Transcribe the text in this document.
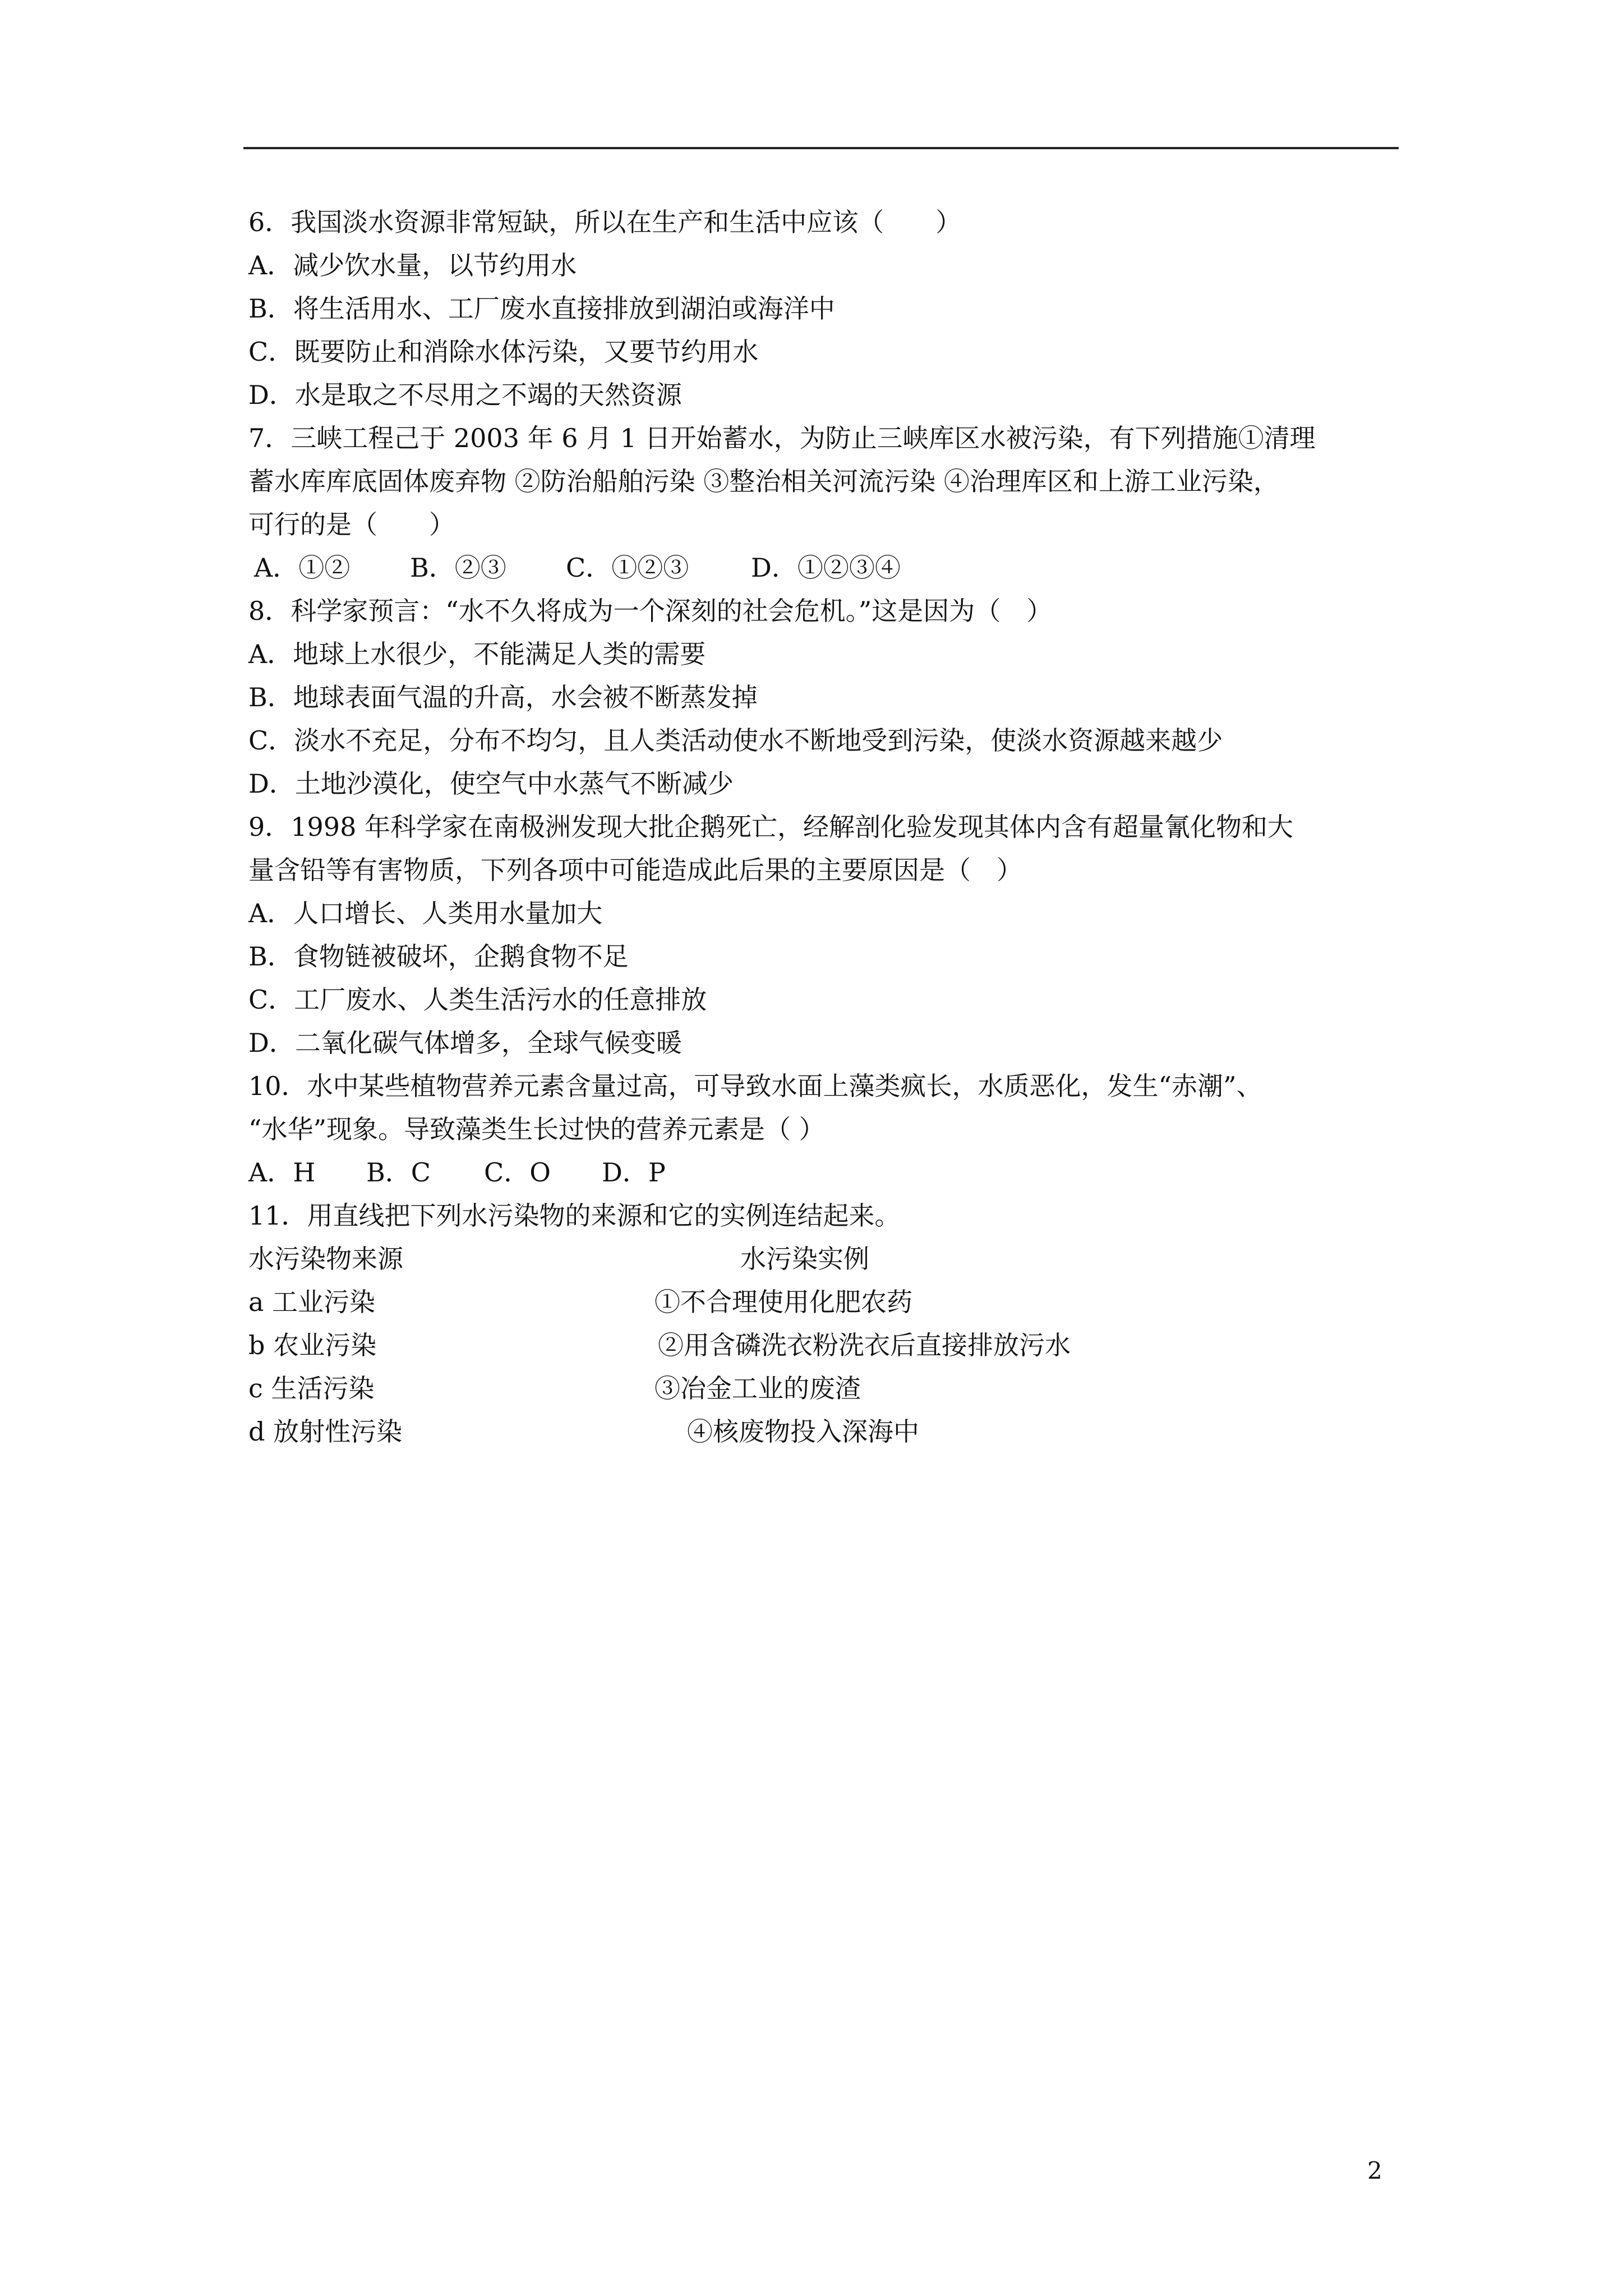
6．我国淡水资源非常短缺，所以在生产和生活中应该（　　）
A．减少饮水量，以节约用水
B．将生活用水、工厂废水直接排放到湖泊或海洋中
C．既要防止和消除水体污染，又要节约用水
D．水是取之不尽用之不竭的天然资源
7．三峡工程己于 2003 年 6 月 1 日开始蓄水，为防止三峡库区水被污染，有下列措施①清理
蓄水库库底固体废弃物 ②防治船舶污染 ③整治相关河流污染 ④治理库区和上游工业污染，
可行的是（　　）
A．①② B．②③ C．①②③ D．①②③④
8．科学家预言：“水不久将成为一个深刻的社会危机。”这是因为（　）
A．地球上水很少，不能满足人类的需要
B．地球表面气温的升高，水会被不断蒸发掉
C．淡水不充足，分布不均匀，且人类活动使水不断地受到污染，使淡水资源越来越少
D．土地沙漠化，使空气中水蒸气不断减少
9．1998 年科学家在南极洲发现大批企鹅死亡，经解剖化验发现其体内含有超量氰化物和大
量含铅等有害物质，下列各项中可能造成此后果的主要原因是（　）
A．人口增长、人类用水量加大
B．食物链被破坏，企鹅食物不足
C．工厂废水、人类生活污水的任意排放
D．二氧化碳气体增多，全球气候变暖
10．水中某些植物营养元素含量过高，可导致水面上藻类疯长，水质恶化，发生“赤潮”、
“水华”现象。导致藻类生长过快的营养元素是（ ）
A．H B．C C．O D．P
11．用直线把下列水污染物的来源和它的实例连结起来。
水污染物来源	水污染实例
a 工业污染	①不合理使用化肥农药
b 农业污染	②用含磷洗衣粉洗衣后直接排放污水
c 生活污染	③冶金工业的废渣
d 放射性污染	④核废物投入深海中
2
